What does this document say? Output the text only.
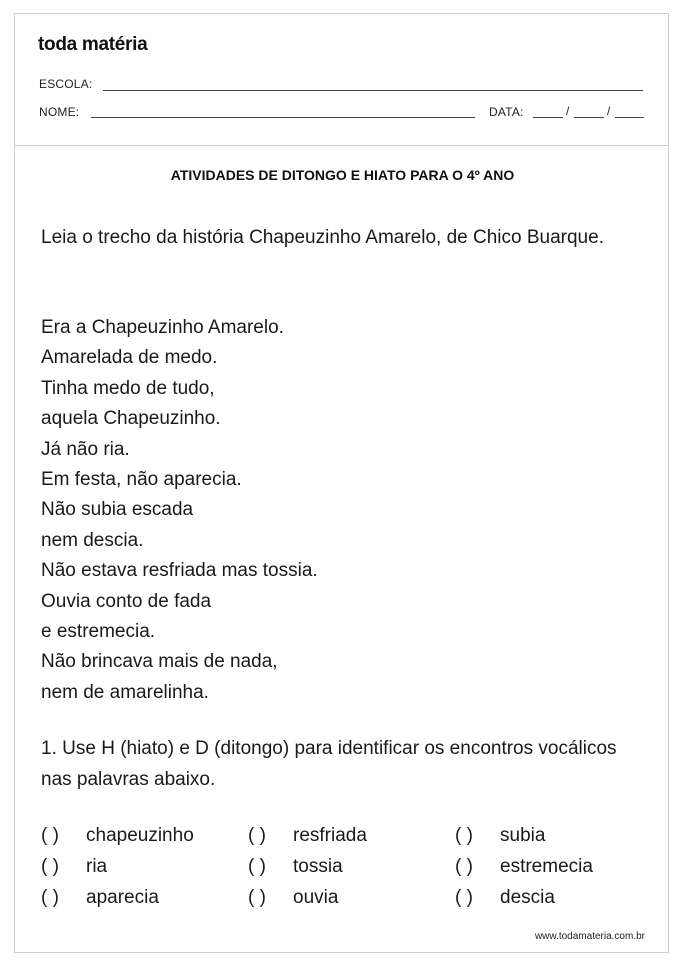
toda matéria
ESCOLA:
NOME:	DATA:	/	/
ATIVIDADES DE DITONGO E HIATO PARA O 4º ANO
Leia o trecho da história Chapeuzinho Amarelo, de Chico Buarque.
Era a Chapeuzinho Amarelo.
Amarelada de medo.
Tinha medo de tudo,
aquela Chapeuzinho.
Já não ria.
Em festa, não aparecia.
Não subia escada
nem descia.
Não estava resfriada mas tossia.
Ouvia conto de fada
e estremecia.
Não brincava mais de nada,
nem de amarelinha.
1. Use H (hiato) e D (ditongo) para identificar os encontros vocálicos nas palavras abaixo.
( ) chapeuzinho	( ) resfriada	( ) subia
( ) ria	( ) tossia	( ) estremecia
( ) aparecia	( ) ouvia	( ) descia
www.todamateria.com.br
